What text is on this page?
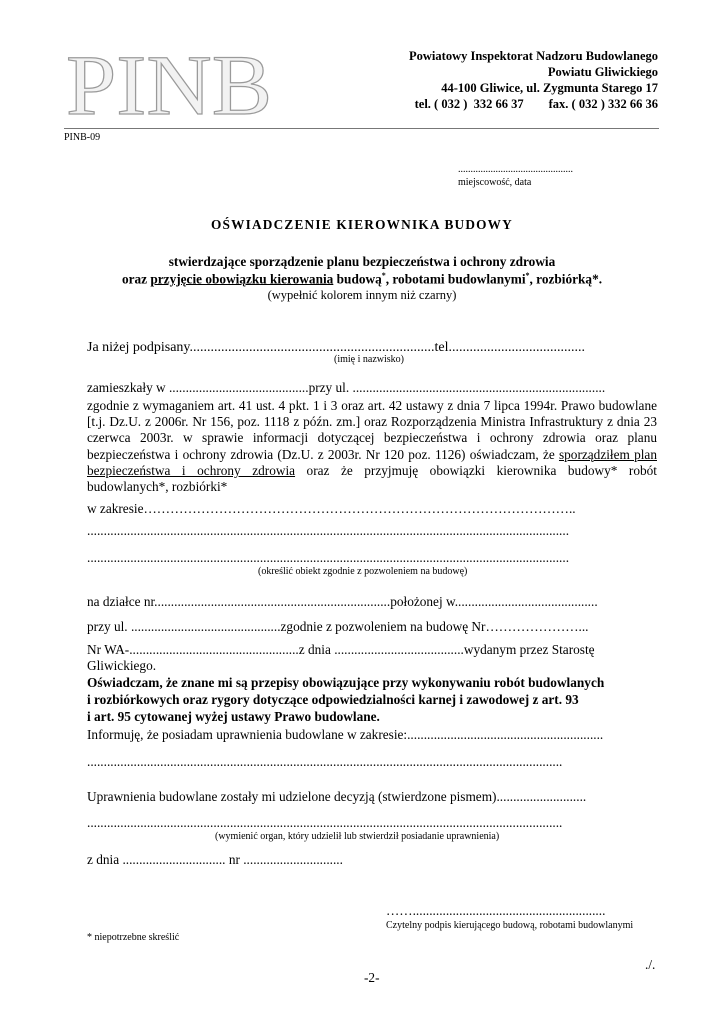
PINB	Powiatowy Inspektorat Nadzoru Budowlanego
Powiatu Gliwickiego
44-100 Gliwice, ul. Zygmunta Starego 17
tel. ( 032 )  332 66 37        fax. ( 032 ) 332 66 36
PINB-09
..............................................
miejscowość, data
OŚWIADCZENIE KIEROWNIKA BUDOWY
stwierdzające sporządzenie planu bezpieczeństwa i ochrony zdrowia
oraz przyjęcie obowiązku kierowania budową*, robotami budowlanymi*, rozbiórką*.
(wypełnić kolorem innym niż czarny)
Ja niżej podpisany......................................................................tel.......................................
(imię i nazwisko)
zamieszkały w ..........................................przy ul. ............................................................................
zgodnie z wymaganiem art. 41 ust. 4 pkt. 1 i 3 oraz art. 42 ustawy z dnia 7 lipca 1994r. Prawo budowlane [t.j. Dz.U. z 2006r. Nr 156, poz. 1118 z późn. zm.] oraz Rozporządzenia Ministra Infrastruktury z dnia 23 czerwca 2003r. w sprawie informacji dotyczącej bezpieczeństwa i ochrony zdrowia oraz planu bezpieczeństwa i ochrony zdrowia (Dz.U. z 2003r. Nr 120 poz. 1126) oświadczam, że sporządziłem plan bezpieczeństwa i ochrony zdrowia oraz że przyjmuję obowiązki kierownika budowy* robót budowlanych*, rozbiórki*
w zakresie……………………………………………………………………………………..
.................................................................................................................................................
.................................................................................................................................................
(określić obiekt zgodnie z pozwoleniem na budowę)
na działce nr.......................................................................położonej w...........................................
przy ul. .............................................zgodnie z pozwoleniem na budowę Nr…………………...
Nr WA-...................................................z dnia .......................................wydanym przez Starostę
Gliwickiego.
Oświadczam, że znane mi są przepisy obowiązujące przy wykonywaniu robót budowlanych
i rozbiórkowych oraz rygory dotyczące odpowiedzialności karnej i zawodowej z art. 93
i art. 95 cytowanej wyżej ustawy Prawo budowlane.
Informuję, że posiadam uprawnienia budowlane w zakresie:...........................................................
...............................................................................................................................................
Uprawnienia budowlane zostały mi udzielone decyzją (stwierdzone pismem)...........................
...............................................................................................................................................
(wymienić organ, który udzielił lub stwierdził posiadanie uprawnienia)
z dnia ............................... nr ..............................
……..........................................................
Czytelny podpis kierującego budową, robotami budowlanymi
* niepotrzebne skreślić
./.
-2-
